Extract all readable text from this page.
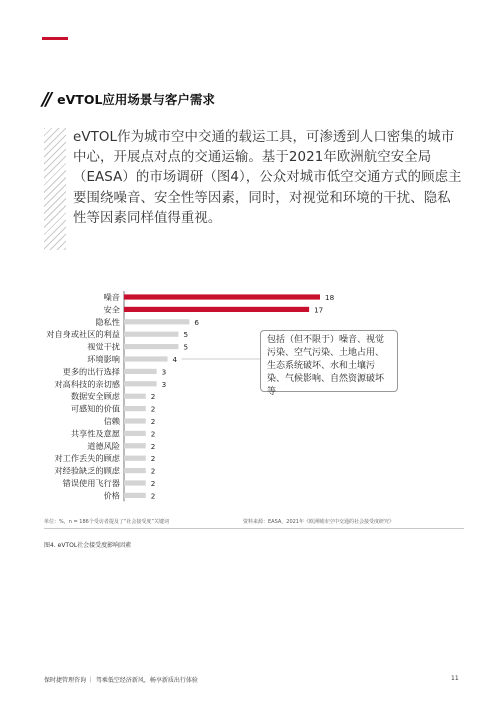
// eVTOL应用场景与客户需求

eVTOL作为城市空中交通的载运工具，可渗透到人口密集的城市中心，开展点对点的交通运输。基于2021年欧洲航空安全局（EASA）的市场调研（图4），公众对城市低空交通方式的顾虑主要围绕噪音、安全性等因素，同时，对视觉和环境的干扰、隐私性等因素同样值得重视。

噪音	18
安全	17
隐私性	6
对自身或社区的利益	5
视觉干扰	5
环境影响	4
更多的出行选择	3
对高科技的亲切感	3
数据安全顾虑	2
可感知的价值	2
信赖	2
共享性及意愿	2
道德风险	2
对工作丢失的顾虑	2
对经验缺乏的顾虑	2
错误使用飞行器	2
价格	2
包括（但不限于）噪音、视觉污染、空气污染、土地占用、生态系统破坏、水和土壤污染、气候影响、自然资源破坏等
单位：%，n = 186个受访者提及了“社会接受度”关键词	资料来源：EASA，2021年《欧洲城市空中交通的社会接受度研究》
图4. eVTOL社会接受度影响因素
保时捷管理咨询 ｜ 驾乘低空经济新风，畅享新质出行体验	11
